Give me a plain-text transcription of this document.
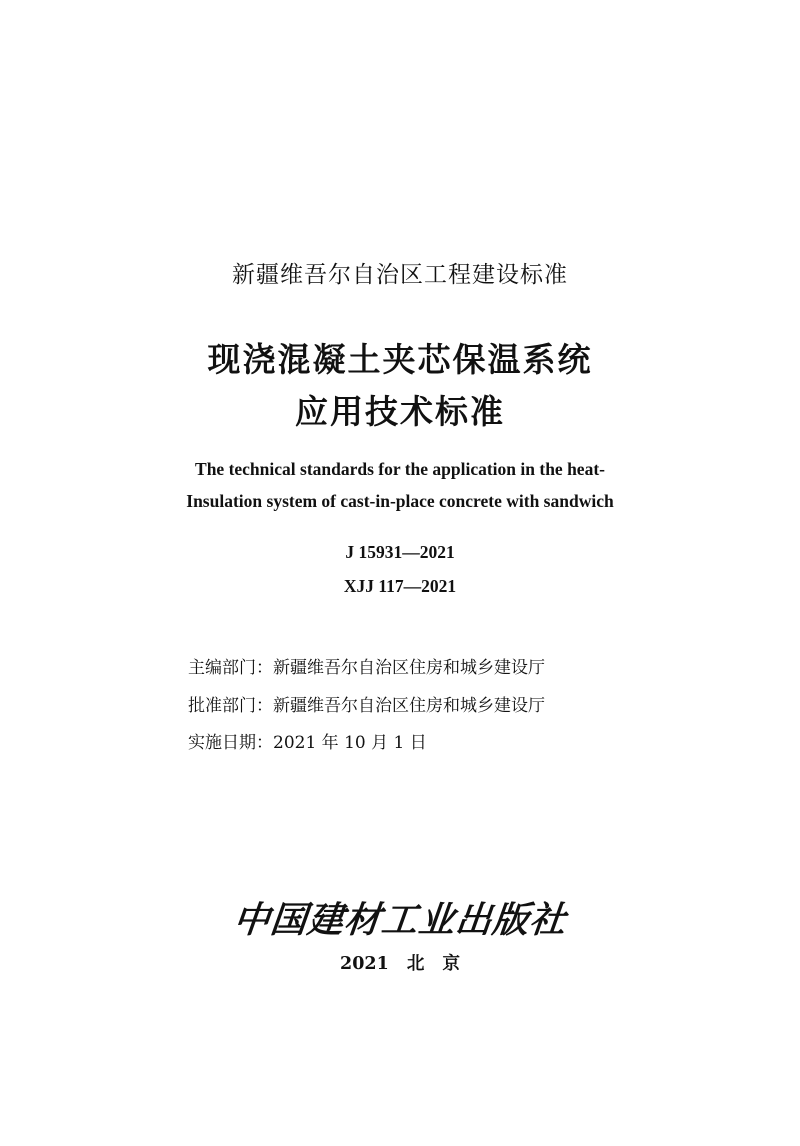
新疆维吾尔自治区工程建设标准
现浇混凝土夹芯保温系统
应用技术标准
The technical standards for the application in the heat-
Insulation system of cast-in-place concrete with sandwich
J 15931—2021
XJJ 117—2021
主编部门：新疆维吾尔自治区住房和城乡建设厅
批准部门：新疆维吾尔自治区住房和城乡建设厅
实施日期：2021 年 10 月 1 日
中国建材工业出版社
2021 北 京
